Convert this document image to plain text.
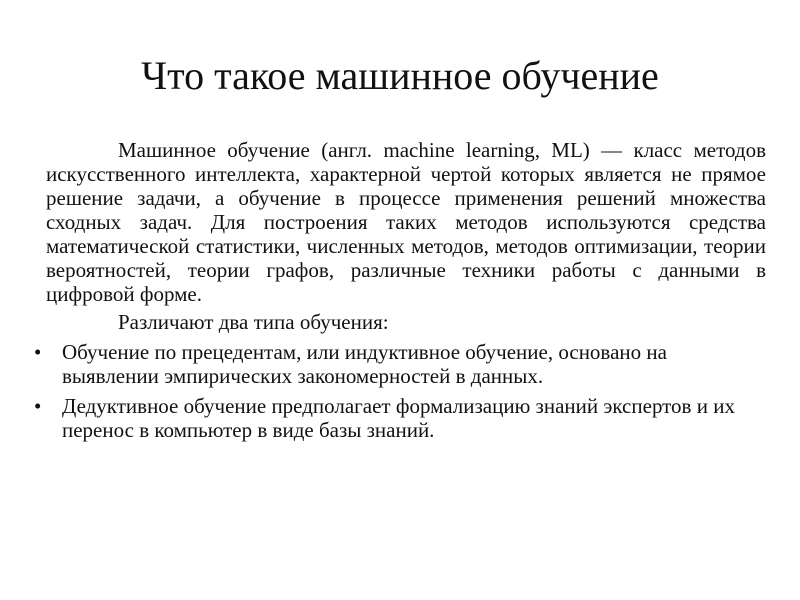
Что такое машинное обучение

Машинное обучение (англ. machine learning, ML) — класс методов искусственного интеллекта, характерной чертой которых является не прямое решение задачи, а обучение в процессе применения решений множества сходных задач. Для построения таких методов используются средства математической статистики, численных методов, методов оптимизации, теории вероятностей, теории графов, различные техники работы с данными в цифровой форме.

Различают два типа обучения:

• Обучение по прецедентам, или индуктивное обучение, основано на выявлении эмпирических закономерностей в данных.
• Дедуктивное обучение предполагает формализацию знаний экспертов и их перенос в компьютер в виде базы знаний.
